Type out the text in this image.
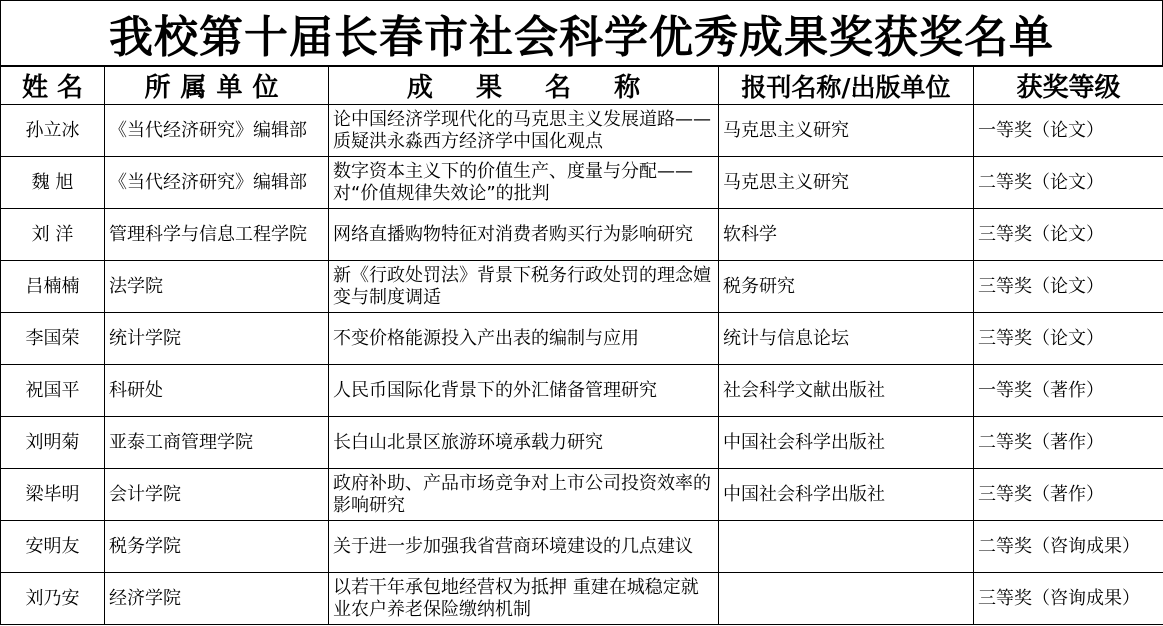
我校第十届长春市社会科学优秀成果奖获奖名单
姓 名	所属单位	成 果 名 称	报刊名称/出版单位	获奖等级
孙立冰	《当代经济研究》编辑部	论中国经济学现代化的马克思主义发展道路——质疑洪永淼西方经济学中国化观点	马克思主义研究	一等奖（论文）
魏 旭	《当代经济研究》编辑部	数字资本主义下的价值生产、度量与分配——对“价值规律失效论”的批判	马克思主义研究	二等奖（论文）
刘 洋	管理科学与信息工程学院	网络直播购物特征对消费者购买行为影响研究	软科学	三等奖（论文）
吕楠楠	法学院	新《行政处罚法》背景下税务行政处罚的理念嬗变与制度调适	税务研究	三等奖（论文）
李国荣	统计学院	不变价格能源投入产出表的编制与应用	统计与信息论坛	三等奖（论文）
祝国平	科研处	人民币国际化背景下的外汇储备管理研究	社会科学文献出版社	一等奖（著作）
刘明菊	亚泰工商管理学院	长白山北景区旅游环境承载力研究	中国社会科学出版社	二等奖（著作）
梁毕明	会计学院	政府补助、产品市场竞争对上市公司投资效率的影响研究	中国社会科学出版社	三等奖（著作）
安明友	税务学院	关于进一步加强我省营商环境建设的几点建议		二等奖（咨询成果）
刘乃安	经济学院	以若干年承包地经营权为抵押 重建在城稳定就业农户养老保险缴纳机制		三等奖（咨询成果）
